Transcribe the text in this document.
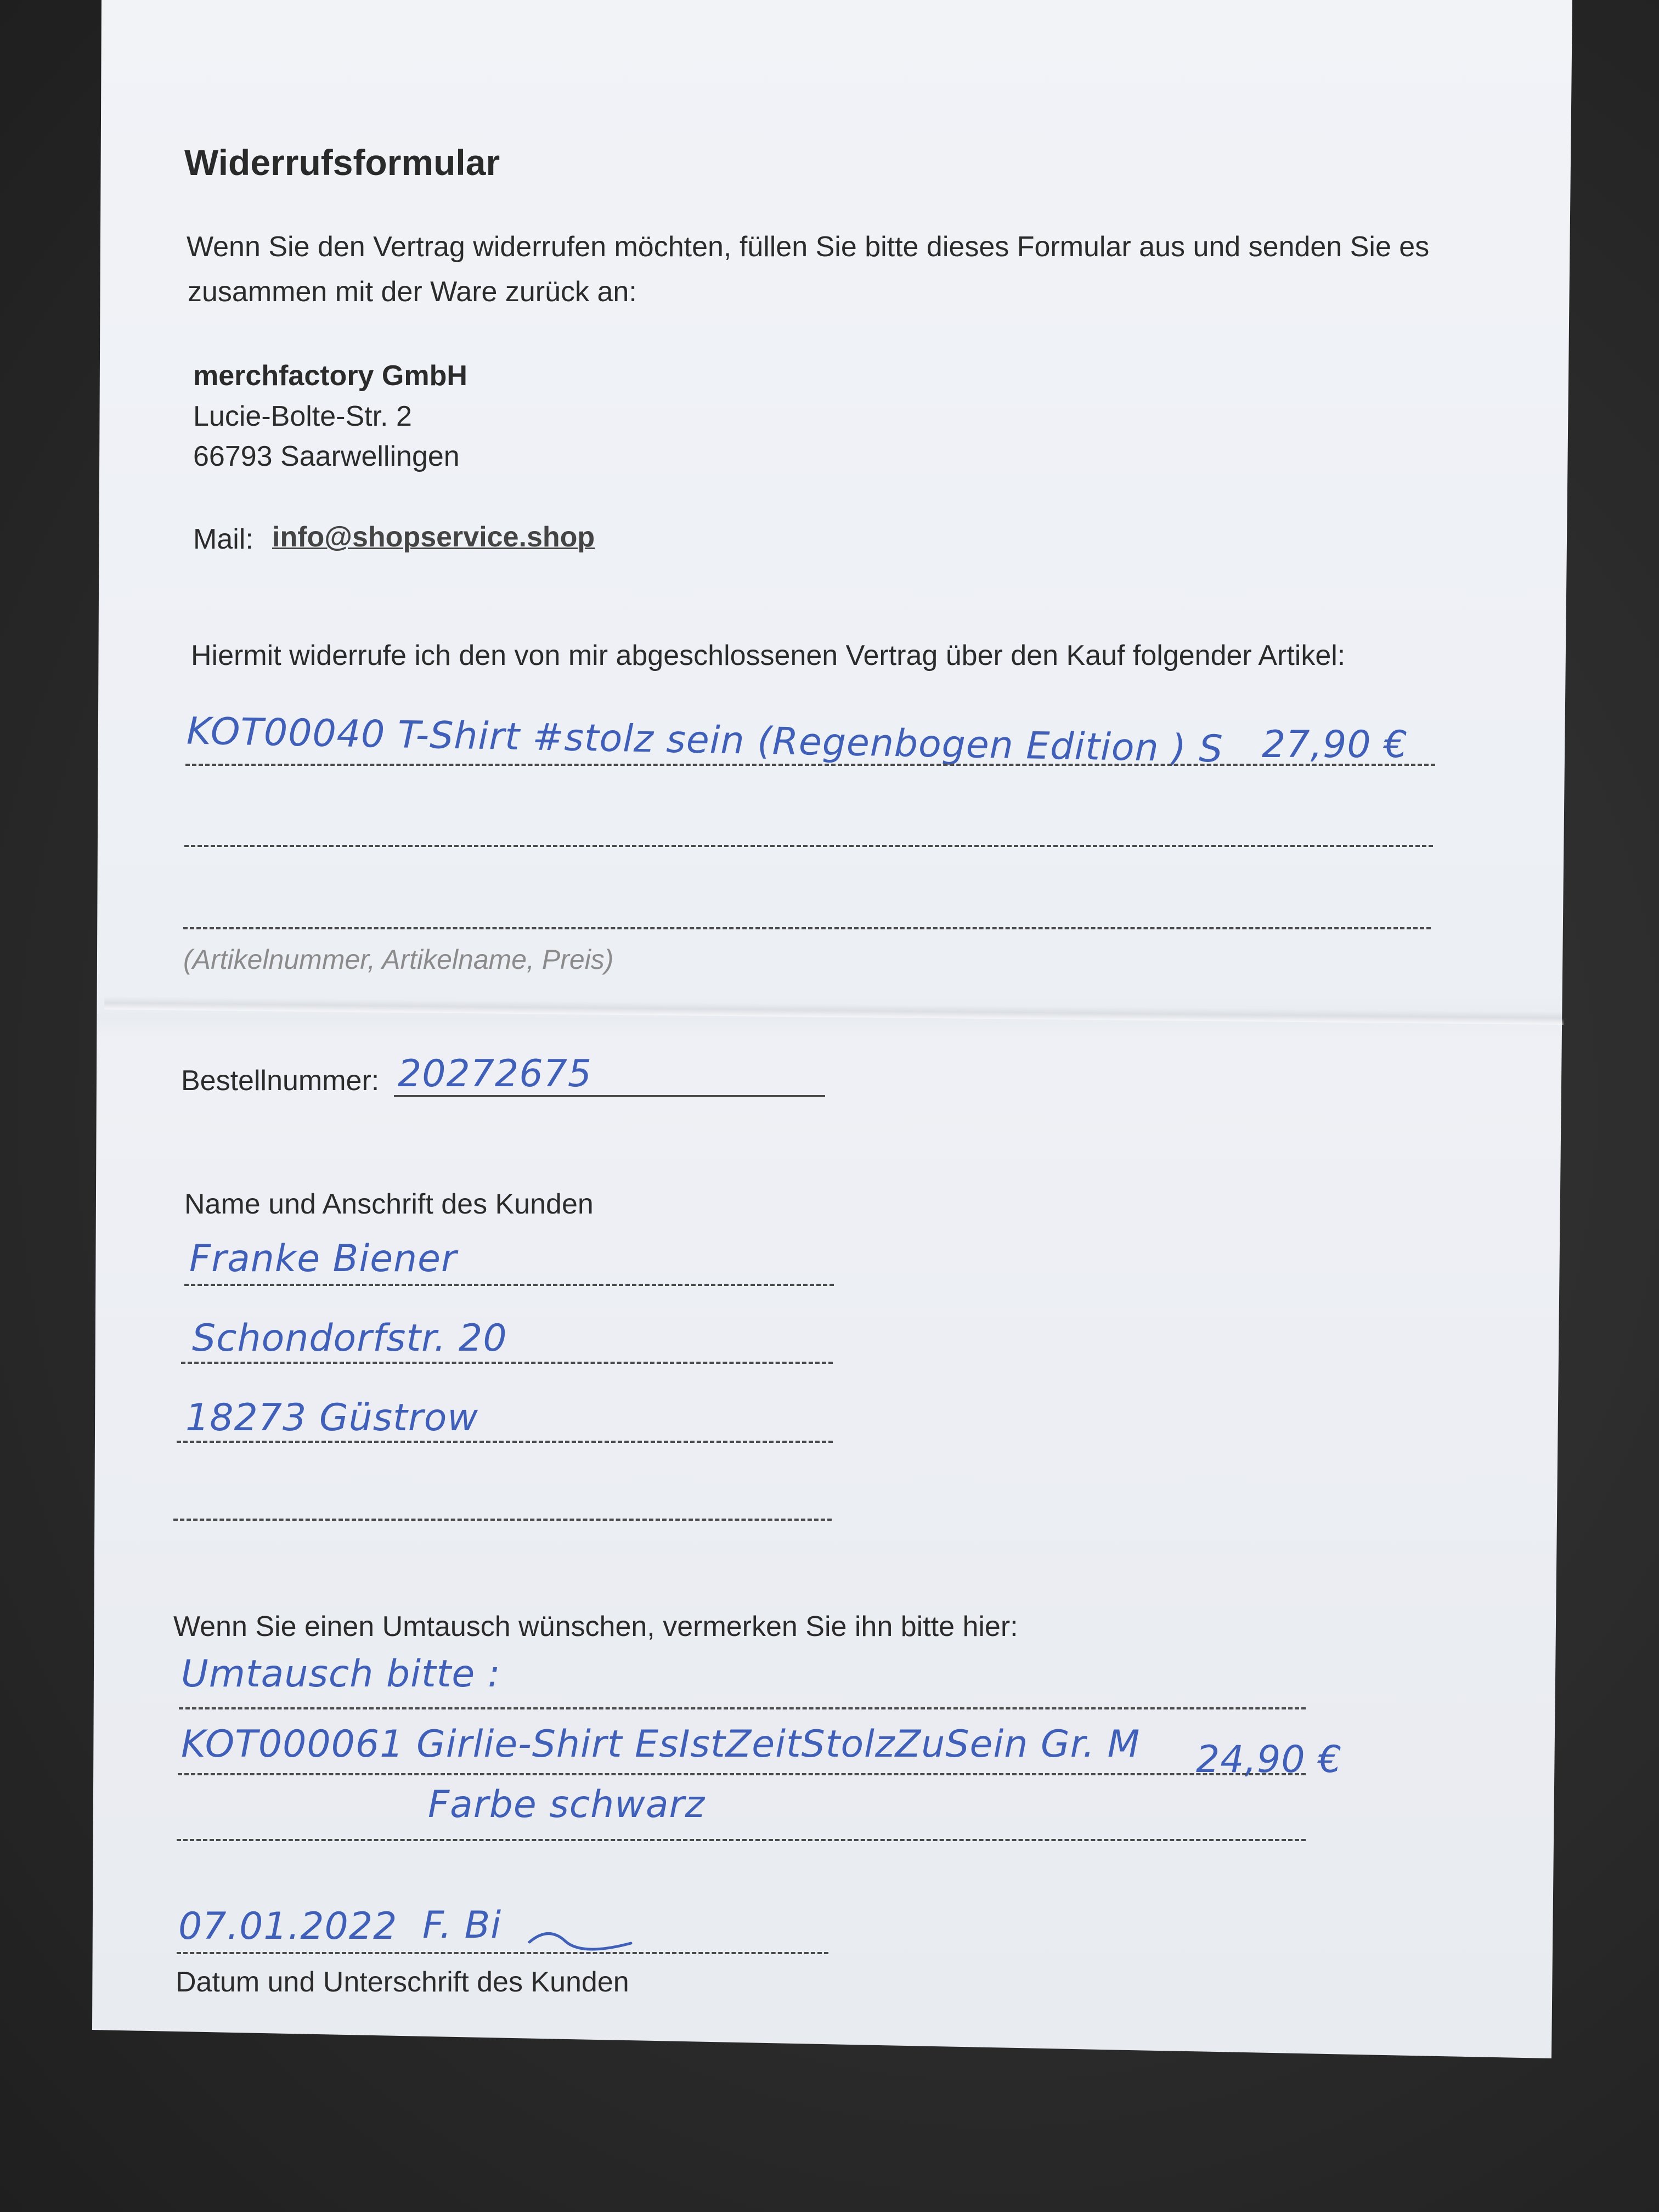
Widerrufsformular
Wenn Sie den Vertrag widerrufen möchten, füllen Sie bitte dieses Formular aus und senden Sie es
zusammen mit der Ware zurück an:
merchfactory GmbH
Lucie-Bolte-Str. 2
66793 Saarwellingen
Mail: info@shopservice.shop
Hiermit widerrufe ich den von mir abgeschlossenen Vertrag über den Kauf folgender Artikel:
KOT00040 T-Shirt #stolz sein (Regenbogen Edition ) S 27,90 €
(Artikelnummer, Artikelname, Preis)
Bestellnummer: 20272675
Name und Anschrift des Kunden
Franke Biener
Schondorfstr. 20
18273 Güstrow
Wenn Sie einen Umtausch wünschen, vermerken Sie ihn bitte hier:
Umtausch bitte :
KOT000061 Girlie-Shirt EsIstZeitStolzZuSein Gr. M 24,90 €
Farbe schwarz
07.01.2022 F. Bi
Datum und Unterschrift des Kunden
